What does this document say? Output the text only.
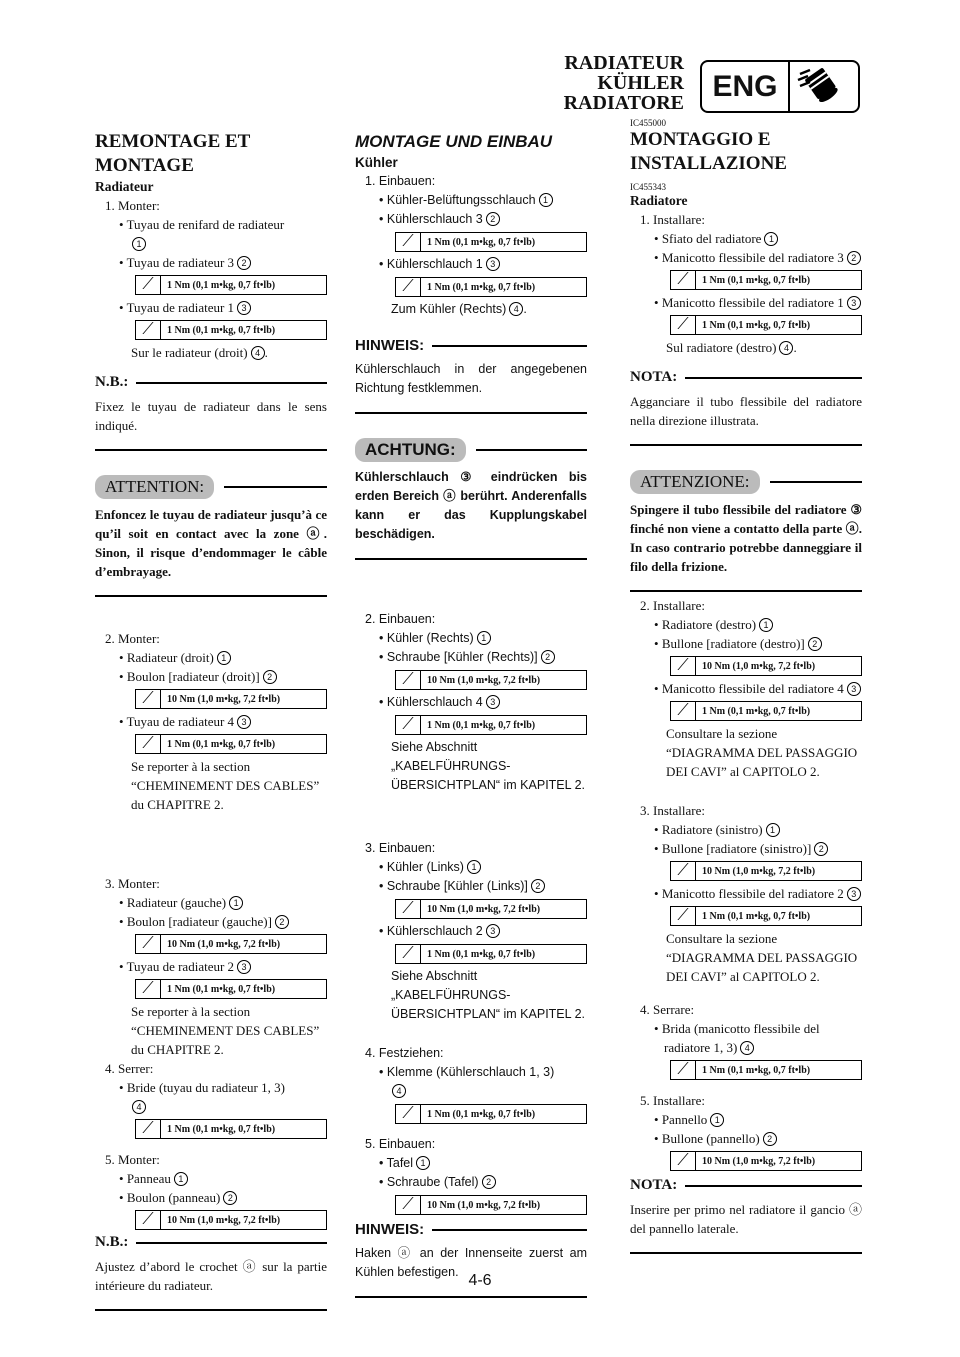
RADIATEUR
KÜHLER
RADIATORE
ENG
REMONTAGE ET
MONTAGE
Radiateur
1. Monter:
• Tuyau de renifard de radiateur
1
• Tuyau de radiateur 3 2
⟋	1 Nm (0,1 m•kg, 0,7 ft•lb)
• Tuyau de radiateur 1 3
⟋	1 Nm (0,1 m•kg, 0,7 ft•lb)
Sur le radiateur (droit) 4 .
N.B.:

Fixez le tuyau de radiateur dans le sens indiqué.

ATTENTION:

Enfoncez le tuyau de radiateur jusqu’à ce qu’il soit en contact avec la zone ⓐ. Sinon, il risque d’endommager le câble d’embrayage.

2. Monter:
• Radiateur (droit) 1
• Boulon [radiateur (droit)] 2
⟋	10 Nm (1,0 m•kg, 7,2 ft•lb)
• Tuyau de radiateur 4 3
⟋	1 Nm (0,1 m•kg, 0,7 ft•lb)
Se reporter à la section “CHEMINEMENT DES CABLES” du CHAPITRE 2.
3. Monter:
• Radiateur (gauche) 1
• Boulon [radiateur (gauche)] 2
⟋	10 Nm (1,0 m•kg, 7,2 ft•lb)
• Tuyau de radiateur 2 3
⟋	1 Nm (0,1 m•kg, 0,7 ft•lb)
Se reporter à la section “CHEMINEMENT DES CABLES” du CHAPITRE 2.
4. Serrer:
• Bride (tuyau du radiateur 1, 3)
4
⟋	1 Nm (0,1 m•kg, 0,7 ft•lb)
5. Monter:
• Panneau 1
• Boulon (panneau) 2
⟋	10 Nm (1,0 m•kg, 7,2 ft•lb)
N.B.:

Ajustez d’abord le crochet ⓐ sur la partie intérieure du radiateur.

MONTAGE UND EINBAU
Kühler
1. Einbauen:
• Kühler-Belüftungsschlauch 1
• Kühlerschlauch 3 2
⟋	1 Nm (0,1 m•kg, 0,7 ft•lb)
• Kühlerschlauch 1 3
⟋	1 Nm (0,1 m•kg, 0,7 ft•lb)
Zum Kühler (Rechts) 4 .
HINWEIS:

Kühlerschlauch in der angegebenen Richtung festklemmen.

ACHTUNG:

Kühlerschlauch ③ eindrücken bis erden Bereich ⓐ berührt. Anderenfalls kann er das Kupplungskabel beschädigen.

2. Einbauen:
• Kühler (Rechts) 1
• Schraube [Kühler (Rechts)] 2
⟋	10 Nm (1,0 m•kg, 7,2 ft•lb)
• Kühlerschlauch 4 3
⟋	1 Nm (0,1 m•kg, 0,7 ft•lb)
Siehe Abschnitt „KABELFÜHRUNGS-ÜBERSICHTPLAN“ im KAPITEL 2.
3. Einbauen:
• Kühler (Links) 1
• Schraube [Kühler (Links)] 2
⟋	10 Nm (1,0 m•kg, 7,2 ft•lb)
• Kühlerschlauch 2 3
⟋	1 Nm (0,1 m•kg, 0,7 ft•lb)
Siehe Abschnitt „KABELFÜHRUNGS-ÜBERSICHTPLAN“ im KAPITEL 2.
4. Festziehen:
• Klemme (Kühlerschlauch 1, 3)
4
⟋	1 Nm (0,1 m•kg, 0,7 ft•lb)
5. Einbauen:
• Tafel 1
• Schraube (Tafel) 2
⟋	10 Nm (1,0 m•kg, 7,2 ft•lb)
HINWEIS:

Haken ⓐ an der Innenseite zuerst am Kühlen befestigen.

IC455000
MONTAGGIO E
INSTALLAZIONE
IC455343
Radiatore
1. Installare:
• Sfiato del radiatore 1
• Manicotto flessibile del radiatore 3 2
⟋	1 Nm (0,1 m•kg, 0,7 ft•lb)
• Manicotto flessibile del radiatore 1 3
⟋	1 Nm (0,1 m•kg, 0,7 ft•lb)
Sul radiatore (destro) 4 .
NOTA:

Agganciare il tubo flessibile del radiatore nella direzione illustrata.

ATTENZIONE:

Spingere il tubo flessibile del radiatore ③ finché non viene a contatto della parte ⓐ. In caso contrario potrebbe danneggiare il filo della frizione.

2. Installare:
• Radiatore (destro) 1
• Bullone [radiatore (destro)] 2
⟋	10 Nm (1,0 m•kg, 7,2 ft•lb)
• Manicotto flessibile del radiatore 4 3
⟋	1 Nm (0,1 m•kg, 0,7 ft•lb)
Consultare la sezione “DIAGRAMMA DEL PASSAGGIO DEI CAVI” al CAPITOLO 2.
3. Installare:
• Radiatore (sinistro) 1
• Bullone [radiatore (sinistro)] 2
⟋	10 Nm (1,0 m•kg, 7,2 ft•lb)
• Manicotto flessibile del radiatore 2 3
⟋	1 Nm (0,1 m•kg, 0,7 ft•lb)
Consultare la sezione “DIAGRAMMA DEL PASSAGGIO DEI CAVI” al CAPITOLO 2.
4. Serrare:
• Brida (manicotto flessibile del radiatore 1, 3) 4
⟋	1 Nm (0,1 m•kg, 0,7 ft•lb)
5. Installare:
• Pannello 1
• Bullone (pannello) 2
⟋	10 Nm (1,0 m•kg, 7,2 ft•lb)
NOTA:

Inserire per primo nel radiatore il gancio ⓐ del pannello laterale.

4-6
